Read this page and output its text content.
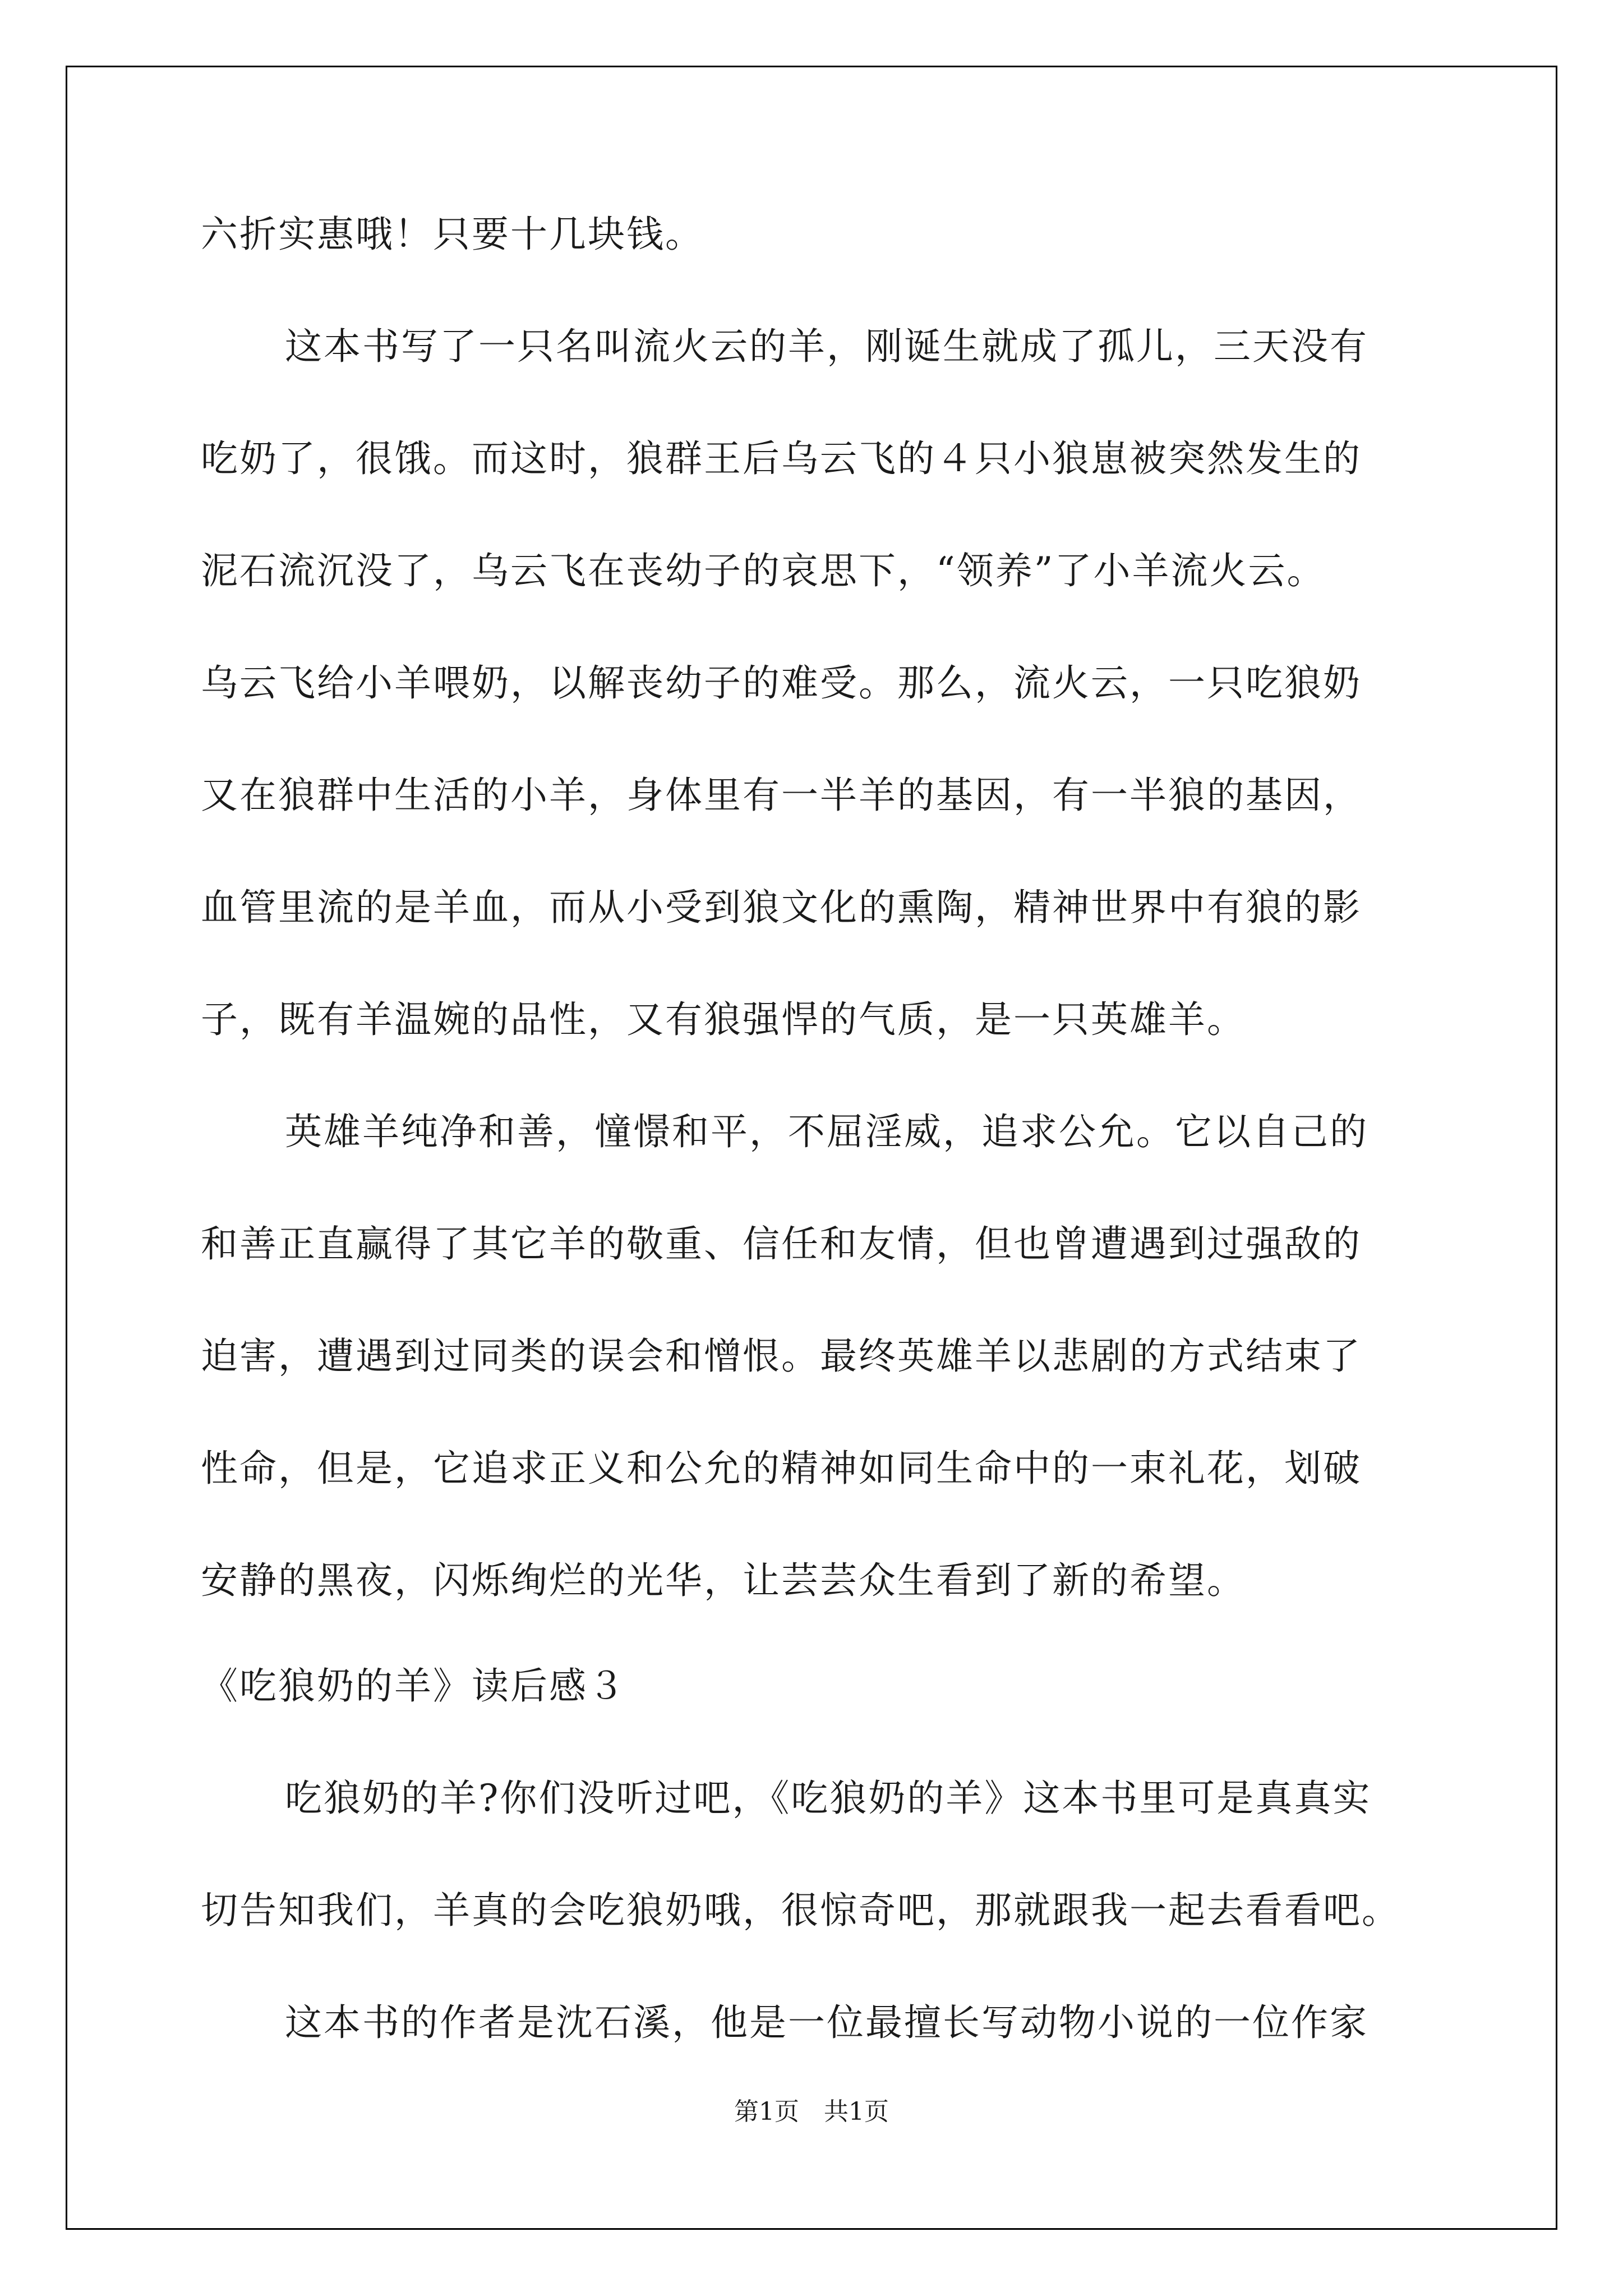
六折实惠哦！只要十几块钱。
这本书写了一只名叫流火云的羊，刚诞生就成了孤儿，三天没有
吃奶了，很饿。而这时，狼群王后乌云飞的４只小狼崽被突然发生的
泥石流沉没了，乌云飞在丧幼子的哀思下，“领养”了小羊流火云。
乌云飞给小羊喂奶，以解丧幼子的难受。那么，流火云，一只吃狼奶
又在狼群中生活的小羊，身体里有一半羊的基因，有一半狼的基因，
血管里流的是羊血，而从小受到狼文化的熏陶，精神世界中有狼的影
子，既有羊温婉的品性，又有狼强悍的气质，是一只英雄羊。
英雄羊纯净和善，憧憬和平，不屈淫威，追求公允。它以自己的
和善正直赢得了其它羊的敬重、信任和友情，但也曾遭遇到过强敌的
迫害，遭遇到过同类的误会和憎恨。最终英雄羊以悲剧的方式结束了
性命，但是，它追求正义和公允的精神如同生命中的一束礼花，划破
安静的黑夜，闪烁绚烂的光华，让芸芸众生看到了新的希望。
《吃狼奶的羊》读后感３
吃狼奶的羊?你们没听过吧，《吃狼奶的羊》这本书里可是真真实
切告知我们，羊真的会吃狼奶哦，很惊奇吧，那就跟我一起去看看吧。
这本书的作者是沈石溪，他是一位最擅长写动物小说的一位作家
第1页　共1页
